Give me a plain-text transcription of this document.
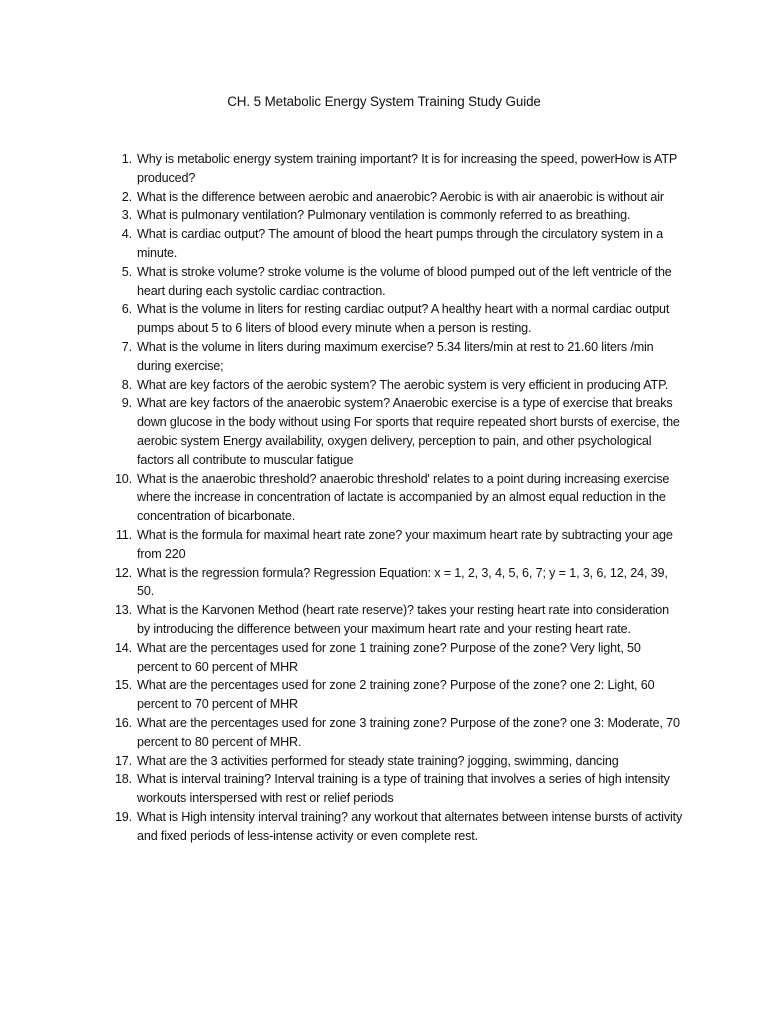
CH. 5 Metabolic Energy System Training Study Guide
1. Why is metabolic energy system training important? It is for increasing the speed, powerHow is ATP produced?
2. What is the difference between aerobic and anaerobic? Aerobic is with air anaerobic is without air
3. What is pulmonary ventilation? Pulmonary ventilation is commonly referred to as breathing.
4. What is cardiac output? The amount of blood the heart pumps through the circulatory system in a minute.
5. What is stroke volume? stroke volume is the volume of blood pumped out of the left ventricle of the heart during each systolic cardiac contraction.
6. What is the volume in liters for resting cardiac output? A healthy heart with a normal cardiac output pumps about 5 to 6 liters of blood every minute when a person is resting.
7. What is the volume in liters during maximum exercise? 5.34 liters/min at rest to 21.60 liters /min during exercise;
8. What are key factors of the aerobic system? The aerobic system is very efficient in producing ATP.
9. What are key factors of the anaerobic system? Anaerobic exercise is a type of exercise that breaks down glucose in the body without using For sports that require repeated short bursts of exercise, the aerobic system Energy availability, oxygen delivery, perception to pain, and other psychological factors all contribute to muscular fatigue
10. What is the anaerobic threshold? anaerobic threshold' relates to a point during increasing exercise where the increase in concentration of lactate is accompanied by an almost equal reduction in the concentration of bicarbonate.
11. What is the formula for maximal heart rate zone? your maximum heart rate by subtracting your age from 220
12. What is the regression formula? Regression Equation: x = 1, 2, 3, 4, 5, 6, 7; y = 1, 3, 6, 12, 24, 39, 50.
13. What is the Karvonen Method (heart rate reserve)? takes your resting heart rate into consideration by introducing the difference between your maximum heart rate and your resting heart rate.
14. What are the percentages used for zone 1 training zone? Purpose of the zone? Very light, 50 percent to 60 percent of MHR
15. What are the percentages used for zone 2 training zone? Purpose of the zone? one 2: Light, 60 percent to 70 percent of MHR
16. What are the percentages used for zone 3 training zone? Purpose of the zone? one 3: Moderate, 70 percent to 80 percent of MHR.
17. What are the 3 activities performed for steady state training? jogging, swimming, dancing
18. What is interval training? Interval training is a type of training that involves a series of high intensity workouts interspersed with rest or relief periods
19. What is High intensity interval training? any workout that alternates between intense bursts of activity and fixed periods of less-intense activity or even complete rest.
